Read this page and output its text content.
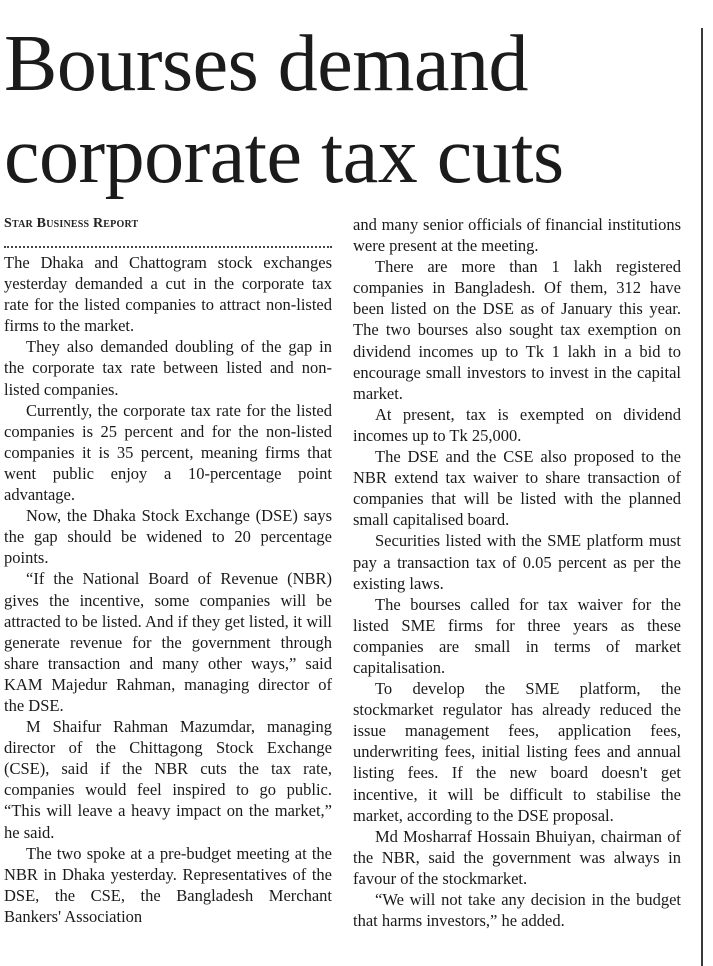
Bourses demand corporate tax cuts
Star Business Report

The Dhaka and Chattogram stock exchanges yesterday demanded a cut in the corporate tax rate for the listed companies to attract non-listed firms to the market.

They also demanded doubling of the gap in the corporate tax rate between listed and non-listed companies.

Currently, the corporate tax rate for the listed companies is 25 percent and for the non-listed companies it is 35 percent, meaning firms that went public enjoy a 10-percentage point advantage.

Now, the Dhaka Stock Exchange (DSE) says the gap should be widened to 20 percentage points.

“If the National Board of Revenue (NBR) gives the incentive, some companies will be attracted to be listed. And if they get listed, it will generate revenue for the government through share transaction and many other ways,” said KAM Majedur Rahman, managing director of the DSE.

M Shaifur Rahman Mazumdar, managing director of the Chittagong Stock Exchange (CSE), said if the NBR cuts the tax rate, companies would feel inspired to go public. “This will leave a heavy impact on the market,” he said.

The two spoke at a pre-budget meeting at the NBR in Dhaka yesterday. Representatives of the DSE, the CSE, the Bangladesh Merchant Bankers' Association

and many senior officials of financial institutions were present at the meeting.

There are more than 1 lakh registered companies in Bangladesh. Of them, 312 have been listed on the DSE as of January this year. The two bourses also sought tax exemption on dividend incomes up to Tk 1 lakh in a bid to encourage small investors to invest in the capital market.

At present, tax is exempted on dividend incomes up to Tk 25,000.

The DSE and the CSE also proposed to the NBR extend tax waiver to share transaction of companies that will be listed with the planned small capitalised board.

Securities listed with the SME platform must pay a transaction tax of 0.05 percent as per the existing laws.

The bourses called for tax waiver for the listed SME firms for three years as these companies are small in terms of market capitalisation.

To develop the SME platform, the stockmarket regulator has already reduced the issue management fees, application fees, underwriting fees, initial listing fees and annual listing fees. If the new board doesn't get incentive, it will be difficult to stabilise the market, according to the DSE proposal.

Md Mosharraf Hossain Bhuiyan, chairman of the NBR, said the government was always in favour of the stockmarket.

“We will not take any decision in the budget that harms investors,” he added.
